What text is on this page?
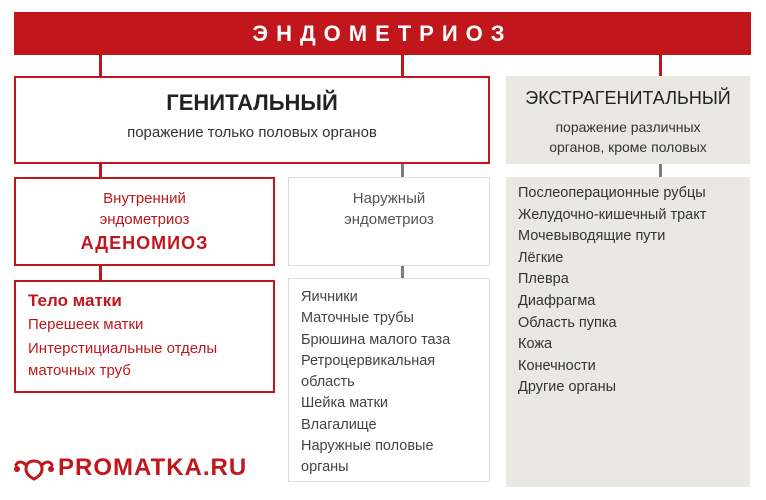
ЭНДОМЕТРИОЗ
ГЕНИТАЛЬНЫЙ
поражение только половых органов
ЭКСТРАГЕНИТАЛЬНЫЙ
поражение различных
органов, кроме половых
Внутренний
эндометриоз
АДЕНОМИОЗ
Наружный
эндометриоз
Тело матки
Перешеек матки
Интерстициальные отделы
маточных труб
Яичники
Маточные трубы
Брюшина малого таза
Ретроцервикальная
область
Шейка матки
Влагалище
Наружные половые
органы
Послеоперационные рубцы
Желудочно-кишечный тракт
Мочевыводящие пути
Лёгкие
Плевра
Диафрагма
Область пупка
Кожа
Конечности
Другие органы
PROMATKA.RU
